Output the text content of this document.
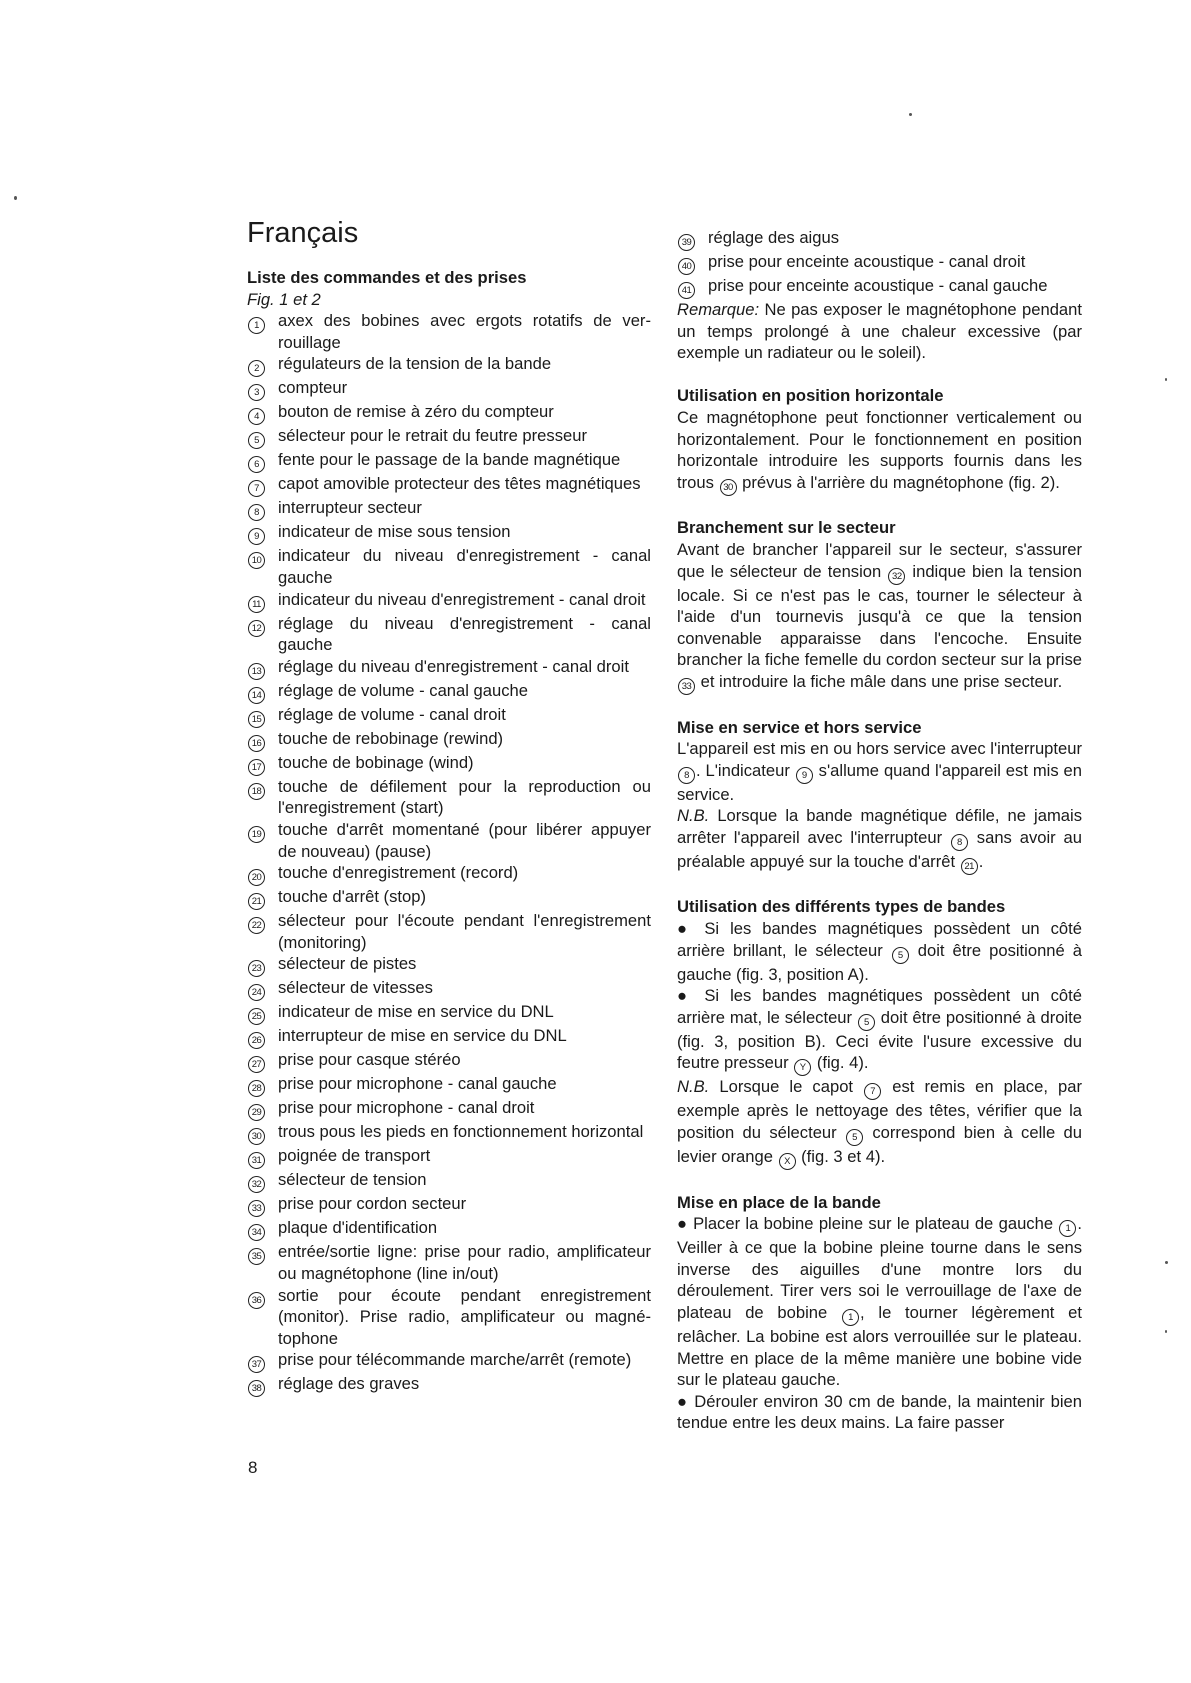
Français

Liste des commandes et des prises

Fig. 1 et 2

1	axex des bobines avec ergots rotatifs de verrouillage
2	régulateurs de la tension de la bande
3	compteur
4	bouton de remise à zéro du compteur
5	sélecteur pour le retrait du feutre presseur
6	fente pour le passage de la bande magnétique
7	capot amovible protecteur des têtes magnétiques
8	interrupteur secteur
9	indicateur de mise sous tension
10	indicateur du niveau d'enregistrement - canal gauche
11	indicateur du niveau d'enregistrement - canal droit
12	réglage du niveau d'enregistrement - canal gauche
13	réglage du niveau d'enregistrement - canal droit
14	réglage de volume - canal gauche
15	réglage de volume - canal droit
16	touche de rebobinage (rewind)
17	touche de bobinage (wind)
18	touche de défilement pour la reproduction ou l'enregistrement (start)
19	touche d'arrêt momentané (pour libérer appuyer de nouveau) (pause)
20	touche d'enregistrement (record)
21	touche d'arrêt (stop)
22	sélecteur pour l'écoute pendant l'enregistrement (monitoring)
23	sélecteur de pistes
24	sélecteur de vitesses
25	indicateur de mise en service du DNL
26	interrupteur de mise en service du DNL
27	prise pour casque stéréo
28	prise pour microphone - canal gauche
29	prise pour microphone - canal droit
30	trous pous les pieds en fonctionnement horizontal
31	poignée de transport
32	sélecteur de tension
33	prise pour cordon secteur
34	plaque d'identification
35	entrée/sortie ligne: prise pour radio, amplificateur ou magnétophone (line in/out)
36	sortie pour écoute pendant enregistrement (monitor). Prise radio, amplificateur ou magnétophone
37	prise pour télécommande marche/arrêt (remote)
38	réglage des graves
39	réglage des aigus
40	prise pour enceinte acoustique - canal droit
41	prise pour enceinte acoustique - canal gauche

Remarque: Ne pas exposer le magnétophone pendant un temps prolongé à une chaleur excessive (par exemple un radiateur ou le soleil).

Utilisation en position horizontale

Ce magnétophone peut fonctionner verticalement ou horizontalement. Pour le fonctionnement en position horizontale introduire les supports fournis dans les trous 30 prévus à l'arrière du magnétophone (fig. 2).

Branchement sur le secteur

Avant de brancher l'appareil sur le secteur, s'assurer que le sélecteur de tension 32 indique bien la tension locale. Si ce n'est pas le cas, tourner le sélecteur à l'aide d'un tournevis jusqu'à ce que la tension convenable apparaisse dans l'encoche. Ensuite brancher la fiche femelle du cordon secteur sur la prise 33 et introduire la fiche mâle dans une prise secteur.

Mise en service et hors service

L'appareil est mis en ou hors service avec l'interrupteur 8 . L'indicateur 9 s'allume quand l'appareil est mis en service.

N.B. Lorsque la bande magnétique défile, ne jamais arrêter l'appareil avec l'interrupteur 8 sans avoir au préalable appuyé sur la touche d'arrêt 21 .

Utilisation des différents types de bandes

● Si les bandes magnétiques possèdent un côté arrière brillant, le sélecteur 5 doit être positionné à gauche (fig. 3, position A).

● Si les bandes magnétiques possèdent un côté arrière mat, le sélecteur 5 doit être positionné à droite (fig. 3, position B). Ceci évite l'usure excessive du feutre presseur Y (fig. 4).

N.B. Lorsque le capot 7 est remis en place, par exemple après le nettoyage des têtes, vérifier que la position du sélecteur 5 correspond bien à celle du levier orange X (fig. 3 et 4).

Mise en place de la bande

● Placer la bobine pleine sur le plateau de gauche 1 . Veiller à ce que la bobine pleine tourne dans le sens inverse des aiguilles d'une montre lors du déroulement. Tirer vers soi le verrouillage de l'axe de plateau de bobine 1 , le tourner légèrement et relâcher. La bobine est alors verrouillée sur le plateau. Mettre en place de la même manière une bobine vide sur le plateau gauche.

● Dérouler environ 30 cm de bande, la maintenir bien tendue entre les deux mains. La faire passer

8
